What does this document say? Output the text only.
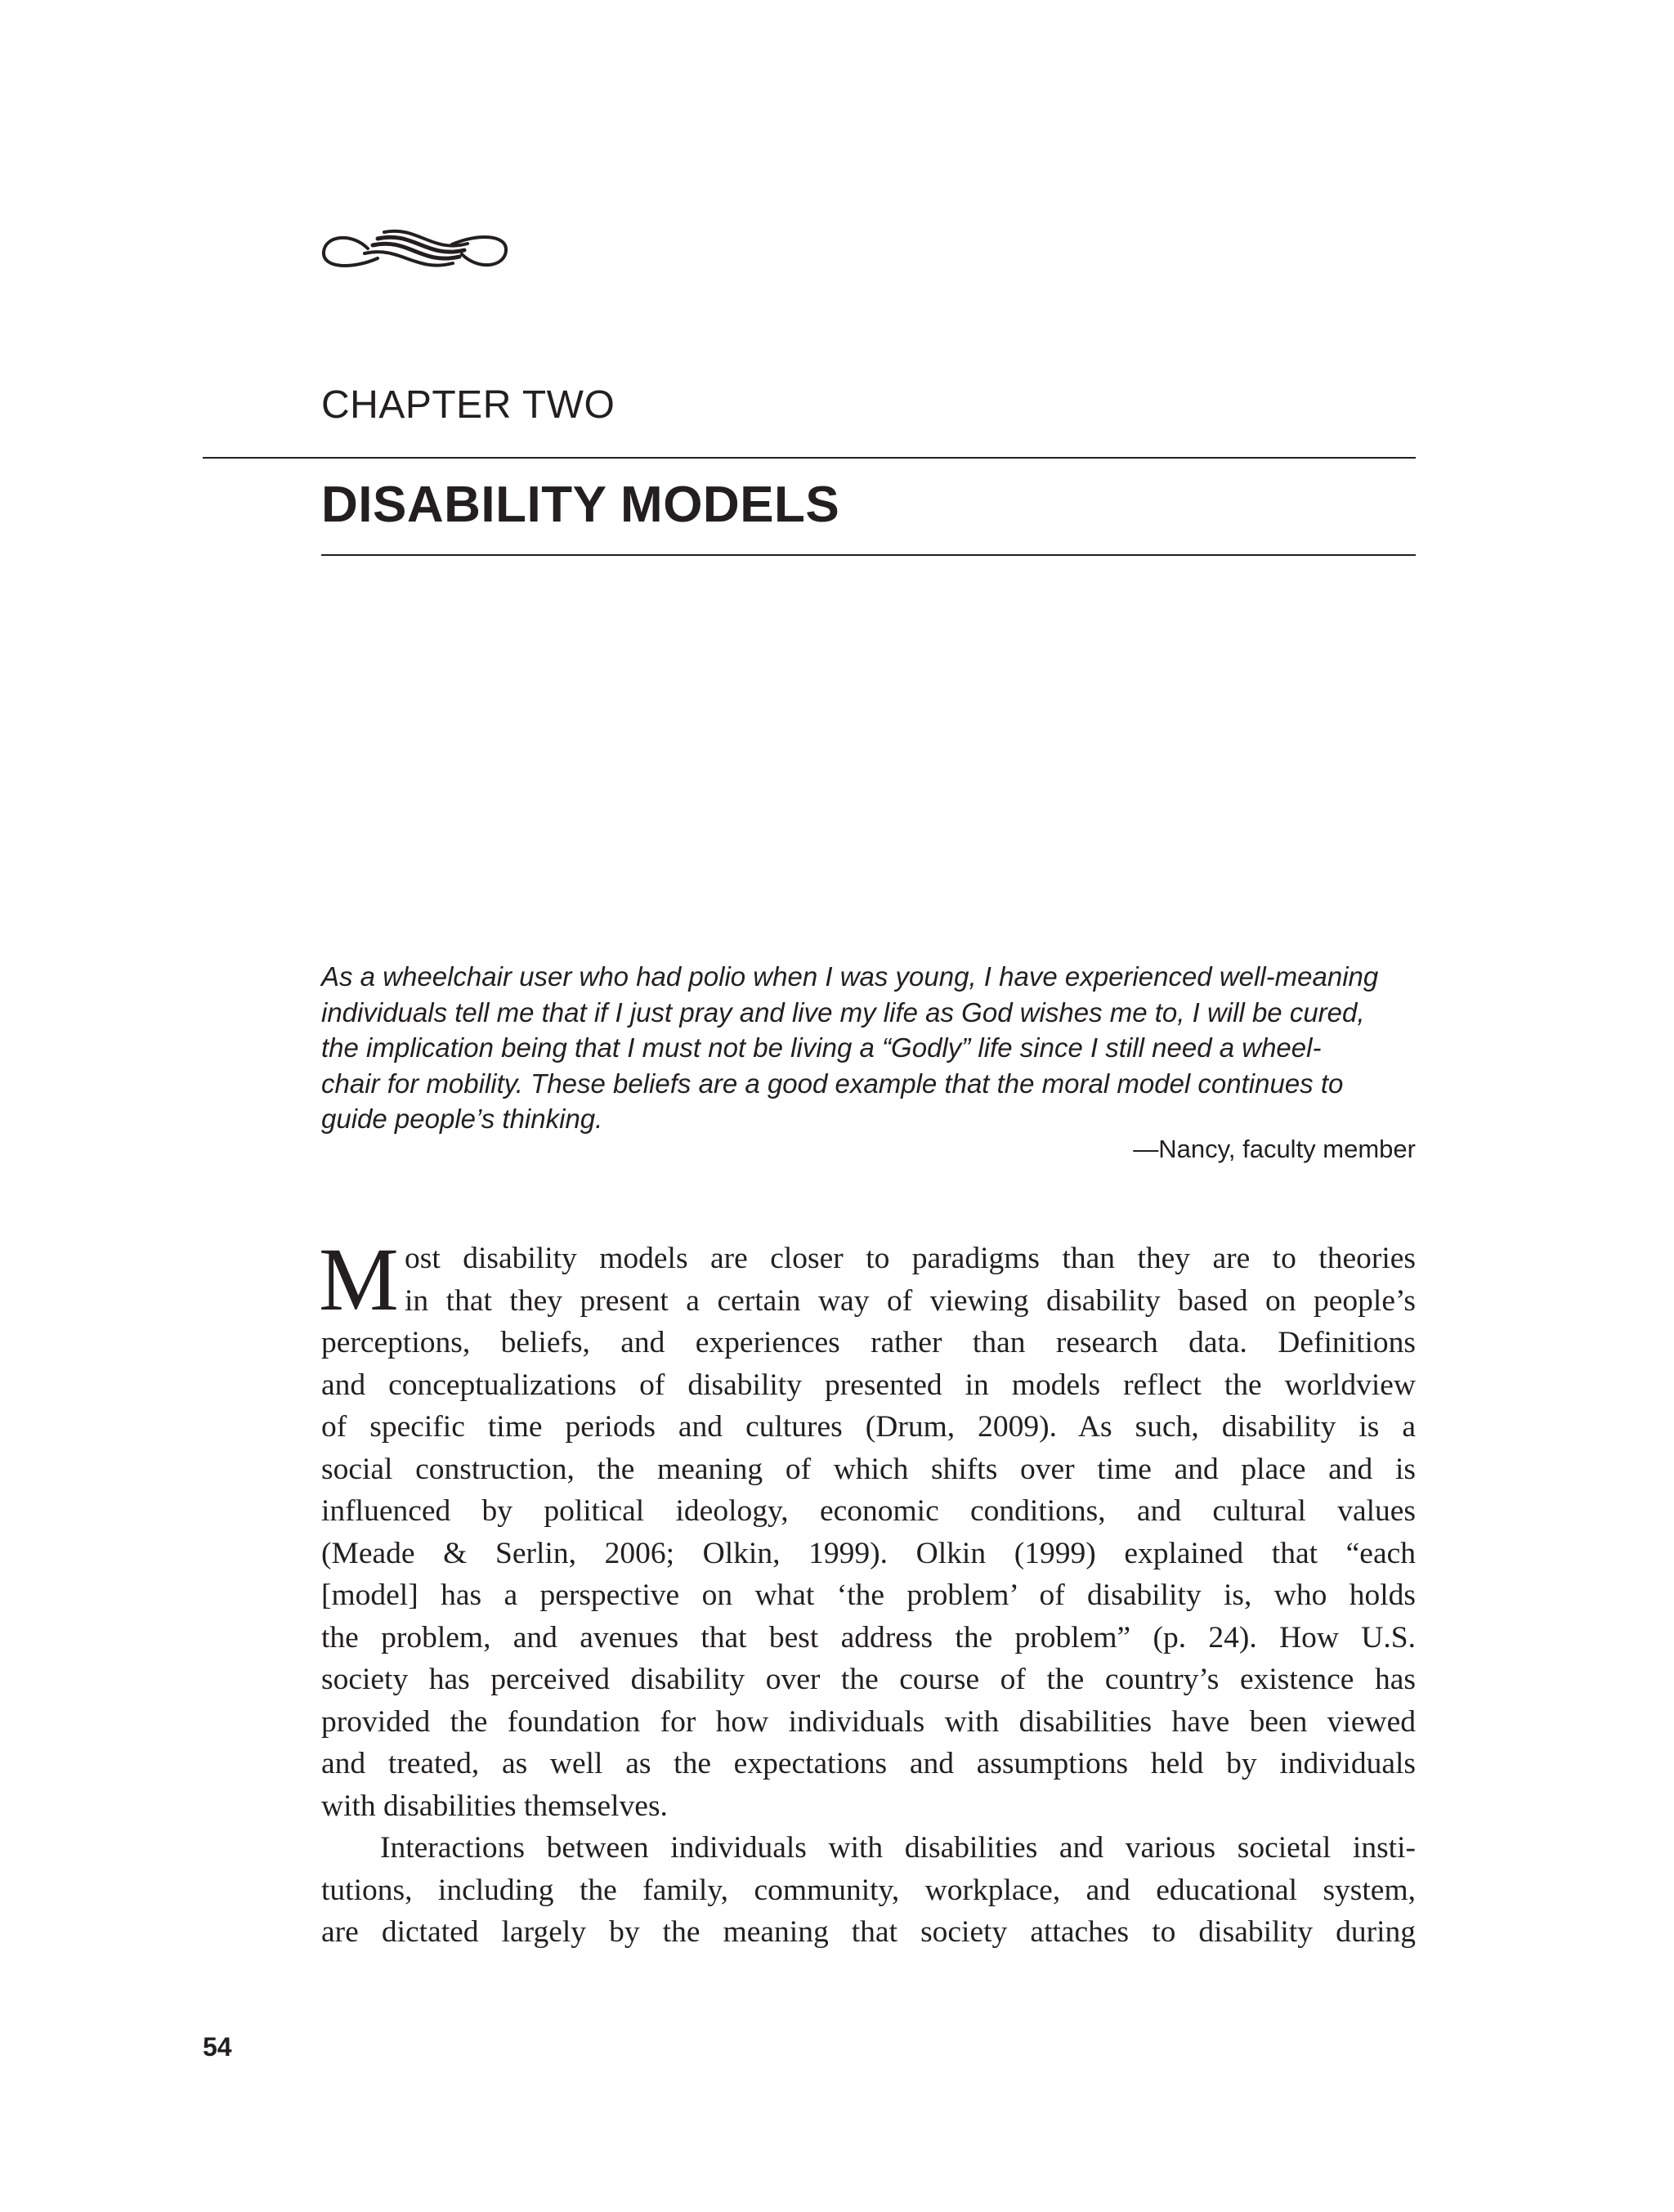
CHAPTER TWO
DISABILITY MODELS
As a wheelchair user who had polio when I was young, I have experienced well-meaning
individuals tell me that if I just pray and live my life as God wishes me to, I will be cured,
the implication being that I must not be living a “Godly” life since I still need a wheel-
chair for mobility. These beliefs are a good example that the moral model continues to
guide people’s thinking.
—Nancy, faculty member
M ost disability models are closer to paradigms than they are to theories
in that they present a certain way of viewing disability based on people’s
perceptions, beliefs, and experiences rather than research data. Definitions
and conceptualizations of disability presented in models reflect the worldview
of specific time periods and cultures (Drum, 2009). As such, disability is a
social construction, the meaning of which shifts over time and place and is
influenced by political ideology, economic conditions, and cultural values
(Meade & Serlin, 2006; Olkin, 1999). Olkin (1999) explained that “each
[model] has a perspective on what ‘the problem’ of disability is, who holds
the problem, and avenues that best address the problem” (p. 24). How U.S.
society has perceived disability over the course of the country’s existence has
provided the foundation for how individuals with disabilities have been viewed
and treated, as well as the expectations and assumptions held by individuals
with disabilities themselves.
Interactions between individuals with disabilities and various societal insti-
tutions, including the family, community, workplace, and educational system,
are dictated largely by the meaning that society attaches to disability during
54
